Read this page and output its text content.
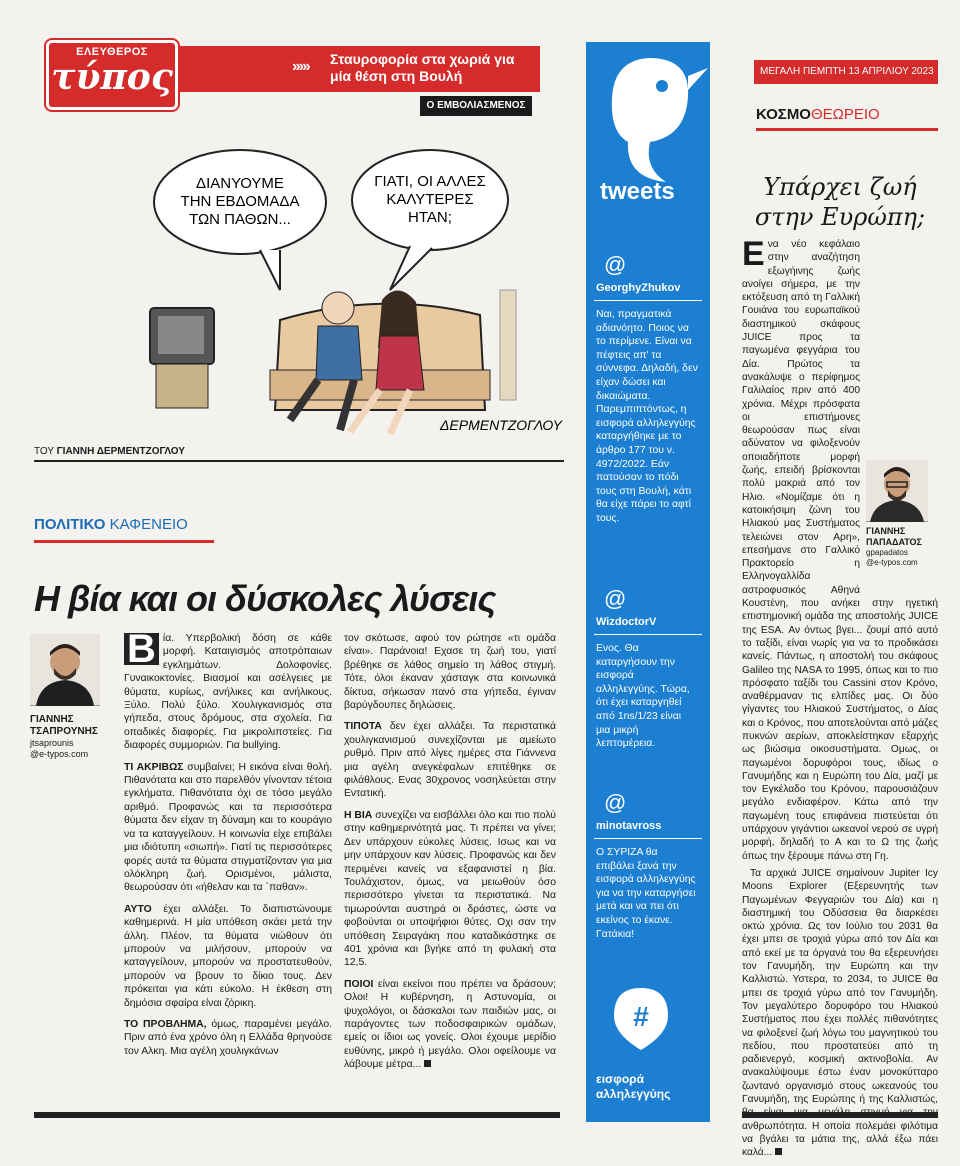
ΕΛΕΥΘΕΡΟΣ
τύπος	››››› Σταυροφορία στα χωριά για μία θέση στη Βουλή
Ο ΕΜΒΟΛΙΑΣΜΕΝΟΣ
ΔΙΑΝΥΟΥΜΕ
ΤΗΝ ΕΒΔΟΜΑΔΑ
ΤΩΝ ΠΑΘΩΝ...
ΓΙΑΤΙ, ΟΙ ΑΛΛΕΣ
ΚΑΛΥΤΕΡΕΣ
ΗΤΑΝ;
ΔΕΡΜΕΝΤΖΟΓΛΟΥ
ΤΟΥ ΓΙΑΝΝΗ ΔΕΡΜΕΝΤΖΟΓΛΟΥ
ΠΟΛΙΤΙΚΟ ΚΑΦΕΝΕΙΟ
Η βία και οι δύσκολες λύσεις
ΓΙΑΝΝΗΣ ΤΣΑΠΡΟΥΝΗΣ
jtsaprounis
@e-typos.com

Β ία. Υπερβολική δόση σε κάθε μορφή. Καταιγισμός αποτρόπαιων εγκλημάτων. Δολοφονίες. Γυναικοκτονίες. Βιασμοί και ασέλγειες με θύματα, κυρίως, ανήλικες και ανήλικους. Ξύλο. Πολύ ξύλο. Χουλιγκανισμός στα γήπεδα, στους δρόμους, στα σχολεία. Για οπαδικές διαφορές. Για μικρολιπστείες. Για διαφορές συμμοριών. Για bullying.

ΤΙ ΑΚΡΙΒΩΣ συμβαίνει; Η εικόνα είναι θολή. Πιθανότατα και στο παρελθόν γίνονταν τέτοια εγκλήματα. Πιθανότατα όχι σε τόσο μεγάλο αριθμό. Προφανώς και τα περισσότερα θύματα δεν είχαν τη δύναμη και το κουράγιο να τα καταγγείλουν. Η κοινωνία είχε επιβάλει μια ιδιότυπη «σιωπή». Γιατί τις περισσότερες φορές αυτά τα θύματα στιγματίζονταν για μια ολόκληρη ζωή. Ορισμένοι, μάλιστα, θεωρούσαν ότι «ήθελαν και τα ΄παθαν».

ΑΥΤΟ έχει αλλάξει. Το διαπιστώνουμε καθημερινά. Η μία υπόθεση σκάει μετά την άλλη. Πλέον, τα θύματα νιώθουν ότι μπορούν να μιλήσουν, μπορούν να καταγγείλουν, μπορούν να προστατευθούν, μπορούν να βρουν το δίκιο τους. Δεν πρόκειται για κάτι εύκολο. Η έκθεση στη δημόσια σφαίρα είναι ζόρικη.

ΤΟ ΠΡΟΒΛΗΜΑ, όμως, παραμένει μεγάλο. Πριν από ένα χρόνο όλη η Ελλάδα θρηνούσε τον Αλκη. Μια αγέλη χουλιγκάνων

τον σκότωσε, αφού τον ρώτησε «τι ομάδα είναι». Παράνοια! Εχασε τη ζωή του, γιατί βρέθηκε σε λάθος σημείο τη λάθος στιγμή. Τότε, όλοι έκαναν χάσταγκ στα κοινωνικά δίκτυα, σήκωσαν πανό στα γήπεδα, έγιναν βαρύγδουπες δηλώσεις.

ΤΙΠΟΤΑ δεν έχει αλλάξει. Τα περιστατικά χουλιγκανισμού συνεχίζονται με αμείωτο ρυθμό. Πριν από λίγες ημέρες στα Γιάννενα μια αγέλη ανεγκέφαλων επιτέθηκε σε φιλάθλους. Ενας 30χρονος νοσηλεύεται στην Εντατική.

Η ΒΙΑ συνεχίζει να εισβάλλει όλο και πιο πολύ στην καθημερινότητά μας. Τι πρέπει να γίνει; Δεν υπάρχουν εύκολες λύσεις. Ισως και να μην υπάρχουν καν λύσεις. Προφανώς και δεν περιμένει κανείς να εξαφανιστεί η βία. Τουλάχιστον, όμως, να μειωθούν όσο περισσότερο γίνεται τα περιστατικά. Να τιμωρούνται αυστηρά οι δράστες, ώστε να φοβούνται οι υποψήφιοι θύτες. Οχι σαν την υπόθεση Σειραγάκη που καταδικάστηκε σε 401 χρόνια και βγήκε από τη φυλακή στα 12,5.

ΠΟΙΟΙ είναι εκείνοι που πρέπει να δράσουν; Ολοι! Η κυβέρνηση, η Αστυνομία, οι ψυχολόγοι, οι δάσκαλοι των παιδιών μας, οι παράγοντες των ποδοσφαιρικών ομάδων, εμείς οι ίδιοι ως γονείς. Ολοι έχουμε μερίδιο ευθύνης, μικρό ή μεγάλο. Ολοι οφείλουμε να λάβουμε μέτρα...

tweets
@
GeorghyZhukov
Ναι, πραγματικά αδιανόητο. Ποιος να το περίμενε. Είναι να πέφτεις απ' τα σύννεφα. Δηλαδή, δεν είχαν δώσει και δικαιώματα. Παρεμπιπτόντως, η εισφορά αλληλεγγύης καταργήθηκε με το άρθρο 177 του ν. 4972/2022. Εάν πατούσαν το πόδι τους στη Βουλή, κάτι θα είχε πάρει το αφτί τους.
@
WizdoctorV
Ενος. Θα καταργήσουν την εισφορά αλληλεγγύης. Τώρα, ότι έχει καταργηθεί από 1ns/1/23 είναι μια μικρή λεπτομέρεια.
@
minotavross
Ο ΣΥΡΙΖΑ θα επιβάλει ξανά την εισφορά αλληλεγγύης για να την καταργήσει μετά και να πει ότι εκείνος το έκανε. Γατάκια!
#
εισφορά αλληλεγγύης
ΜΕΓΑΛΗ ΠΕΜΠΤΗ 13 ΑΠΡΙΛΙΟΥ 2023
ΚΟΣΜΟΘΕΩΡΕΙΟ
Υπάρχει ζωή στην Ευρώπη;
ΓΙΑΝΝΗΣ ΠΑΠΑΔΑΤΟΣ
gpapadatos
@e-typos.com

Ενα νέο κεφάλαιο στην αναζήτηση εξωγήινης ζωής ανοίγει σήμερα, με την εκτόξευση από τη Γαλλική Γουιάνα του ευρωπαϊκού διαστημικού σκάφους JUICE προς τα παγωμένα φεγγάρια του Δία. Πρώτος τα ανακάλυψε ο περίφημος Γαλιλαίος πριν από 400 χρόνια. Μέχρι πρόσφατα οι επιστήμονες θεωρούσαν πως είναι αδύνατον να φιλοξενούν οποιαδήποτε μορφή ζωής, επειδή βρίσκονται πολύ μακριά από τον Ηλιο. «Νομίζαμε ότι η κατοικήσιμη ζώνη του Ηλιακού μας Συστήματος τελειώνει στον Αρη», επεσήμανε στο Γαλλικό Πρακτορείο η Ελληνογαλλίδα αστροφυσικός Αθηνά Κουστένη, που ανήκει στην ηγετική επιστημονική ομάδα της αποστολής JUICE της ESA. Αν όντως βγει... ζουμί από αυτό το ταξίδι, είναι νωρίς για να το προδικάσει κανείς. Πάντως, η αποστολή του σκάφους Galileo της NASA το 1995, όπως και το πιο πρόσφατο ταξίδι του Cassini στον Κρόνο, αναθέρμαναν τις ελπίδες μας. Οι δύο γίγαντες του Ηλιακού Συστήματος, ο Δίας και ο Κρόνος, που αποτελούνται από μάζες πυκνών αερίων, αποκλείστηκαν εξαρχής ως βιώσιμα οικοσυστήματα. Ομως, οι παγωμένοι δορυφόροι τους, ιδίως ο Γανυμήδης και η Ευρώπη του Δία, μαζί με τον Εγκέλαδο του Κρόνου, παρουσιάζουν μεγάλο ενδιαφέρον. Κάτω από την παγωμένη τους επιφάνεια πιστεύεται ότι υπάρχουν γιγάντιοι ωκεανοί νερού σε υγρή μορφή, δηλαδή το Α και το Ω της ζωής όπως την ξέρουμε πάνω στη Γη.

Τα αρχικά JUICE σημαίνουν Jupiter Icy Moons Explorer (Εξερευνητής των Παγωμένων Φεγγαριών του Δία) και η διαστημική του Οδύσσεια θα διαρκέσει οκτώ χρόνια. Ως τον Ιούλιο του 2031 θα έχει μπει σε τροχιά γύρω από τον Δία και από εκεί με τα όργανά του θα εξερευνήσει τον Γανυμήδη, την Ευρώπη και την Καλλιστώ. Υστερα, το 2034, το JUICE θα μπει σε τροχιά γύρω από τον Γανυμήδη. Τον μεγαλύτερο δορυφόρο του Ηλιακού Συστήματος που έχει πολλές πιθανότητες να φιλοξενεί ζωή λόγω του μαγνητικού του πεδίου, που προστατεύει από τη ραδιενεργό, κοσμική ακτινοβολία. Αν ανακαλύψουμε έστω έναν μονοκύτταρο ζωντανό οργανισμό στους ωκεανούς του Γανυμήδη, της Ευρώπης ή της Καλλιστώς, ανθρωπότητα. Η οποία πολεμάει φιλότιμα να βγάλει τα μάτια της, αλλά έξω πάει καλά...
